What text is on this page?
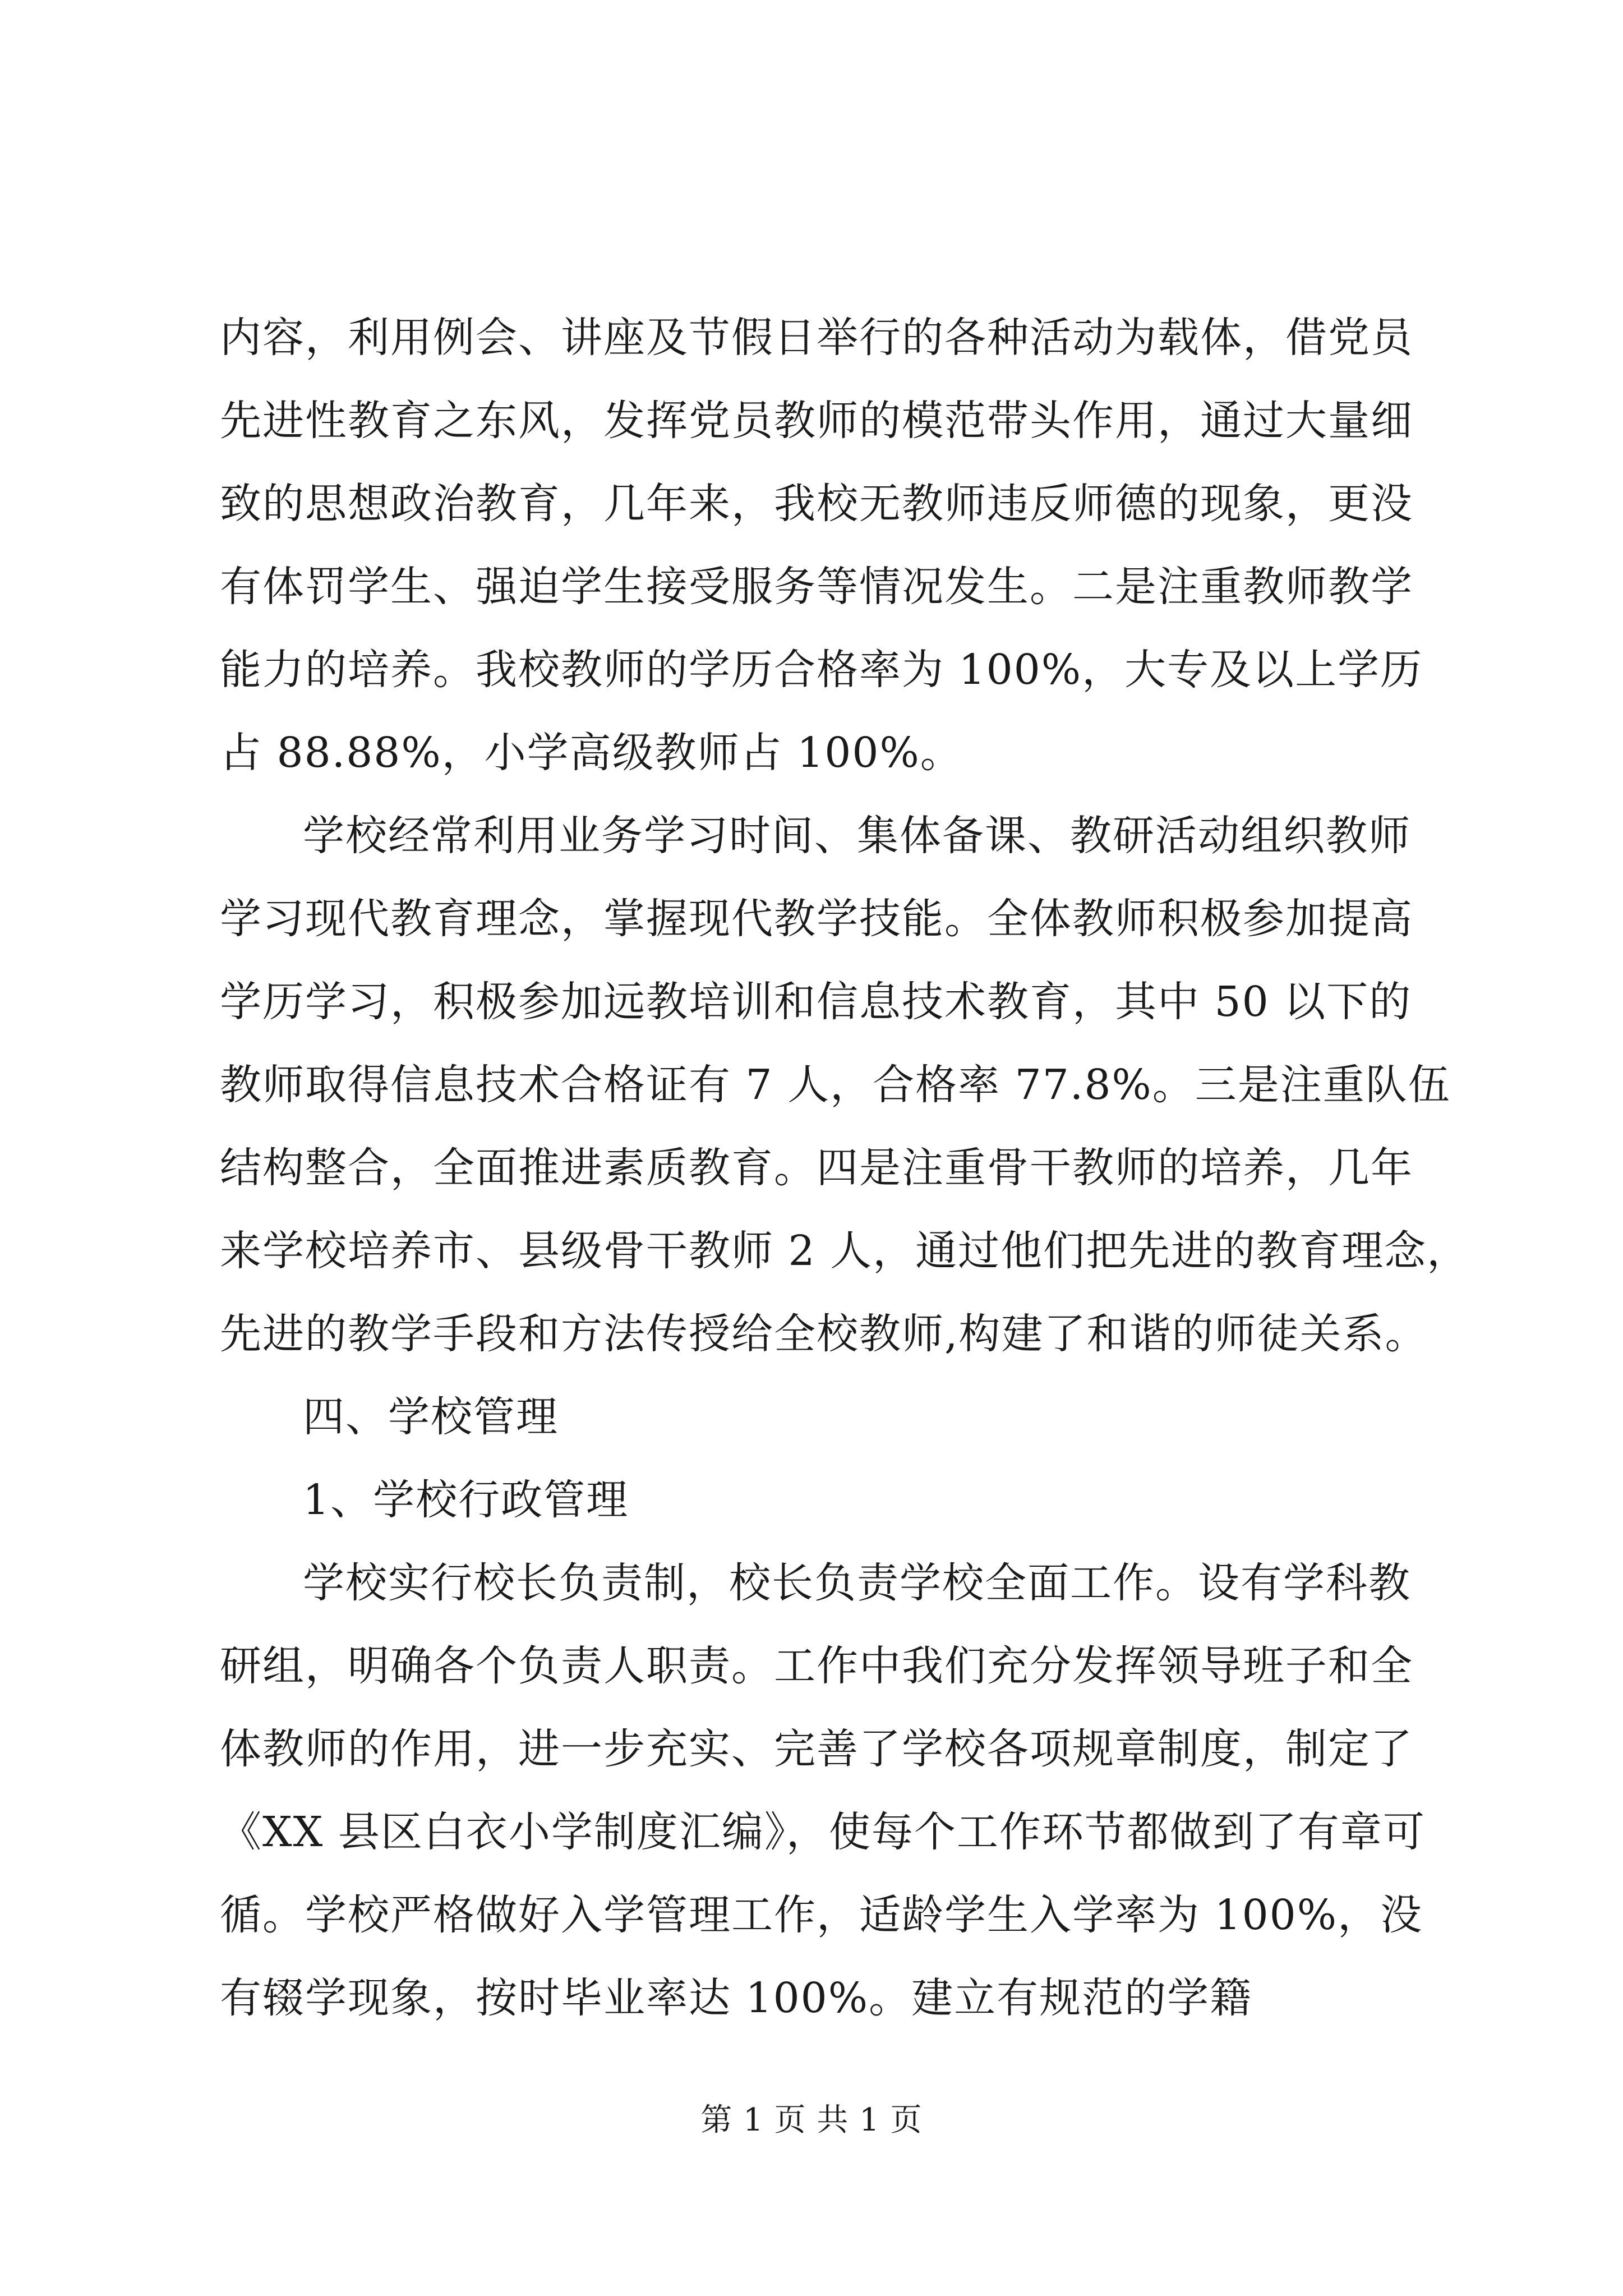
内容，利用例会、讲座及节假日举行的各种活动为载体，借党员
先进性教育之东风，发挥党员教师的模范带头作用，通过大量细
致的思想政治教育，几年来，我校无教师违反师德的现象，更没
有体罚学生、强迫学生接受服务等情况发生。二是注重教师教学
能力的培养。我校教师的学历合格率为 100%，大专及以上学历
占 88.88%，小学高级教师占 100%。
学校经常利用业务学习时间、集体备课、教研活动组织教师
学习现代教育理念，掌握现代教学技能。全体教师积极参加提高
学历学习，积极参加远教培训和信息技术教育，其中 50 以下的
教师取得信息技术合格证有 7 人，合格率 77.8%。三是注重队伍
结构整合，全面推进素质教育。四是注重骨干教师的培养，几年
来学校培养市、县级骨干教师 2 人，通过他们把先进的教育理念，
先进的教学手段和方法传授给全校教师,构建了和谐的师徒关系。
四、学校管理
1、学校行政管理
学校实行校长负责制，校长负责学校全面工作。设有学科教
研组，明确各个负责人职责。工作中我们充分发挥领导班子和全
体教师的作用，进一步充实、完善了学校各项规章制度，制定了
《XX 县区白衣小学制度汇编》，使每个工作环节都做到了有章可
循。学校严格做好入学管理工作，适龄学生入学率为 100%，没
有辍学现象，按时毕业率达 100%。建立有规范的学籍
第 1 页 共 1 页
